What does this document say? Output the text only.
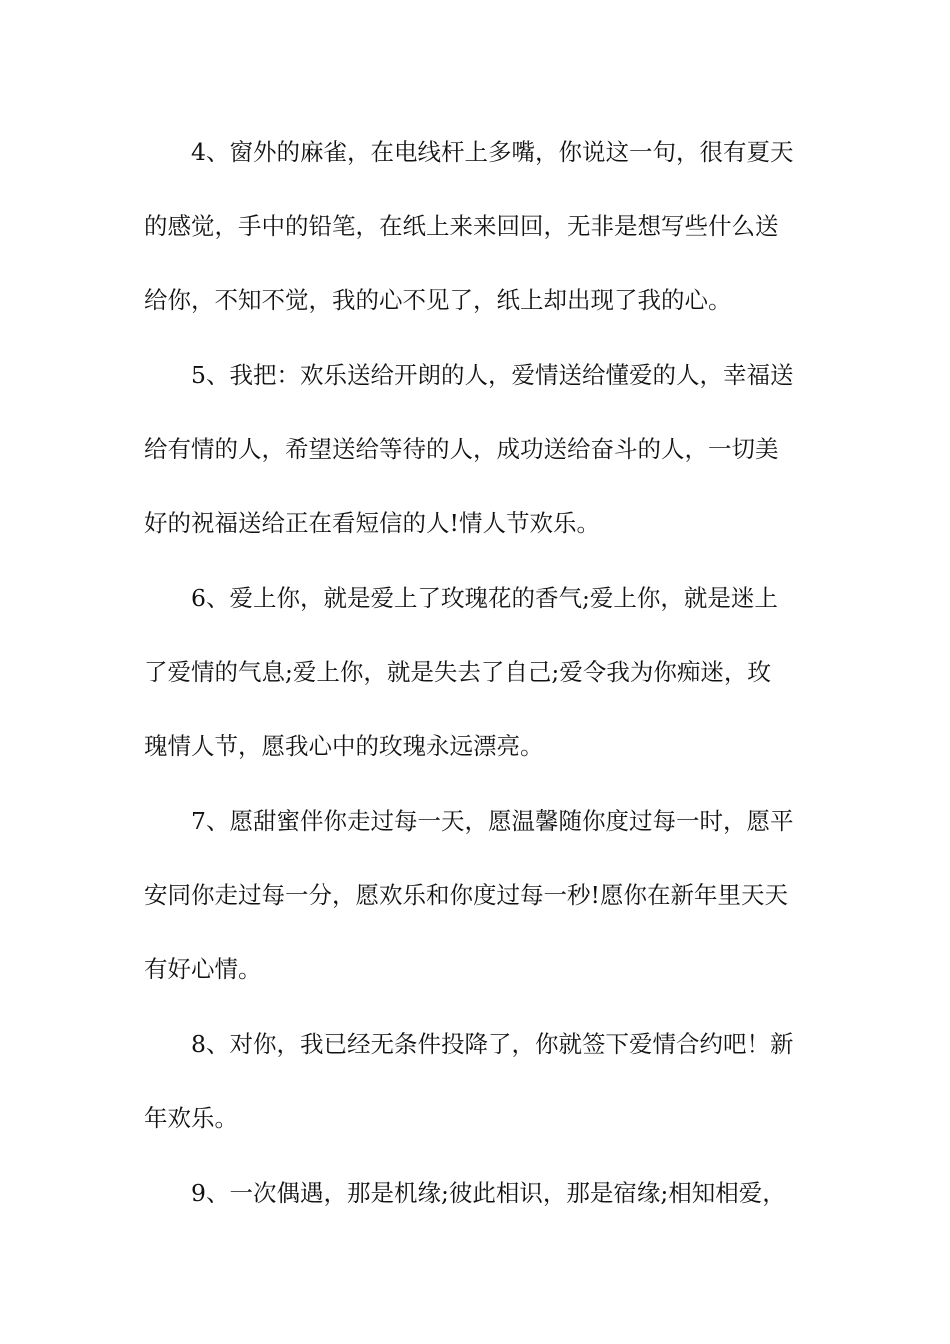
4、窗外的麻雀，在电线杆上多嘴，你说这一句，很有夏天
的感觉，手中的铅笔，在纸上来来回回，无非是想写些什么送
给你，不知不觉，我的心不见了，纸上却出现了我的心。
5、我把：欢乐送给开朗的人，爱情送给懂爱的人，幸福送
给有情的人，希望送给等待的人，成功送给奋斗的人，一切美
好的祝福送给正在看短信的人!情人节欢乐。
6、爱上你，就是爱上了玫瑰花的香气;爱上你，就是迷上
了爱情的气息;爱上你，就是失去了自己;爱令我为你痴迷，玫
瑰情人节，愿我心中的玫瑰永远漂亮。
7、愿甜蜜伴你走过每一天，愿温馨随你度过每一时，愿平
安同你走过每一分，愿欢乐和你度过每一秒!愿你在新年里天天
有好心情。
8、对你，我已经无条件投降了，你就签下爱情合约吧！新
年欢乐。
9、一次偶遇，那是机缘;彼此相识，那是宿缘;相知相爱，
